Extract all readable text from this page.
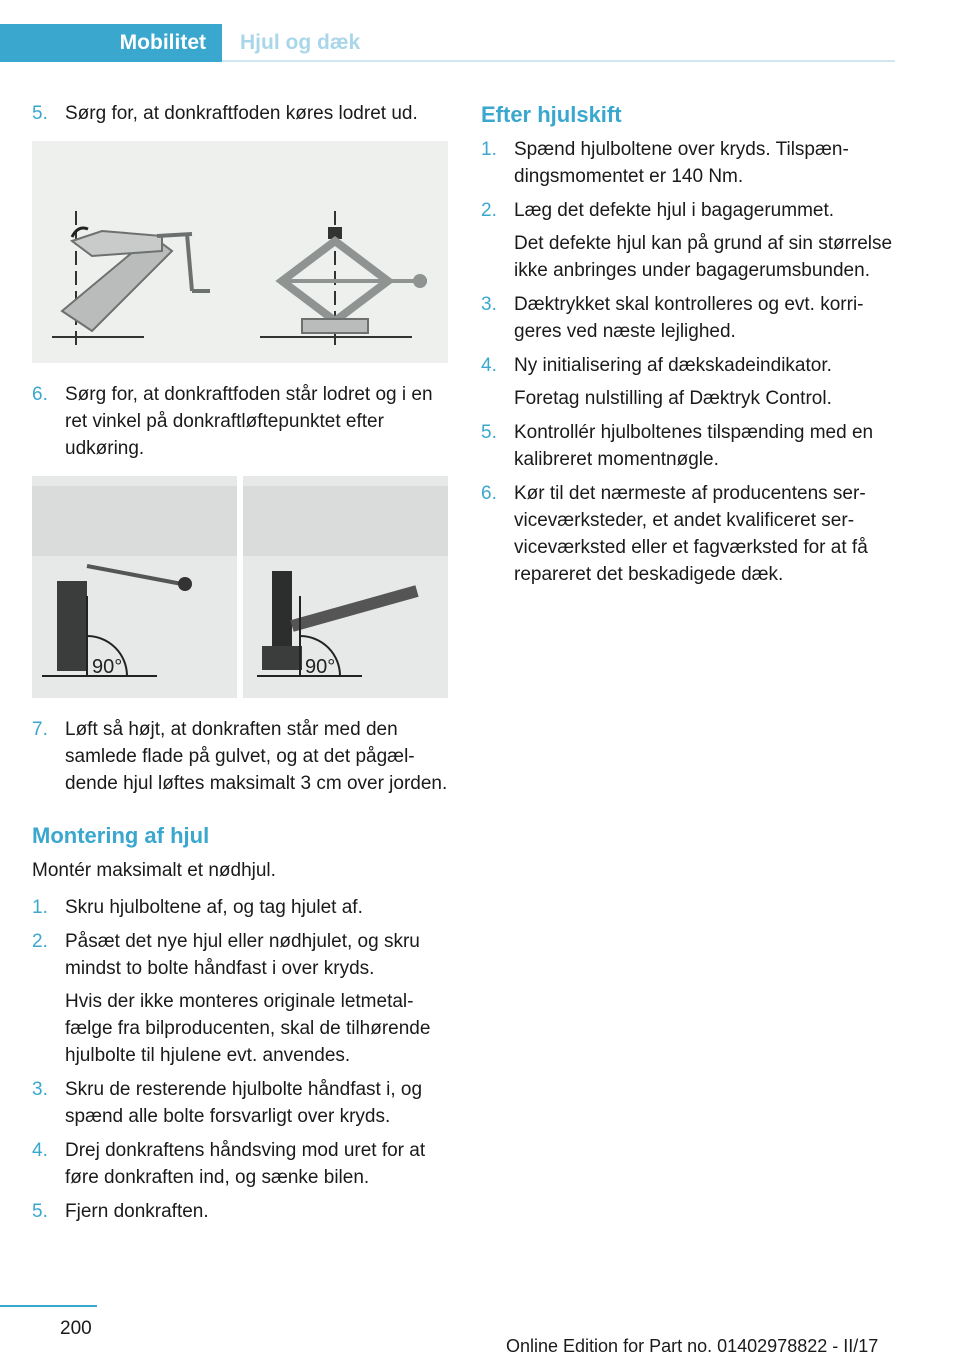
Mobilitet	Hjul og dæk
5. Sørg for, at donkraftfoden køres lodret ud.
6. Sørg for, at donkraftfoden står lodret og i en ret vinkel på donkraftløftepunktet efter udkøring.
90°	90°
7. Løft så højt, at donkraften står med den samlede flade på gulvet, og at det pågældende hjul løftes maksimalt 3 cm over jorden.
Montering af hjul
Montér maksimalt et nødhjul.
1. Skru hjulboltene af, og tag hjulet af.
2. Påsæt det nye hjul eller nødhjulet, og skru mindst to bolte håndfast i over kryds.
Hvis der ikke monteres originale letmetalfælge fra bilproducenten, skal de tilhørende hjulbolte til hjulene evt. anvendes.
3. Skru de resterende hjulbolte håndfast i, og spænd alle bolte forsvarligt over kryds.
4. Drej donkraftens håndsving mod uret for at føre donkraften ind, og sænke bilen.
5. Fjern donkraften.
Efter hjulskift
1. Spænd hjulboltene over kryds. Tilspændingsmomentet er 140 Nm.
2. Læg det defekte hjul i bagagerummet.
Det defekte hjul kan på grund af sin størrelse ikke anbringes under bagagerumsbunden.
3. Dæktrykket skal kontrolleres og evt. korrigeres ved næste lejlighed.
4. Ny initialisering af dækskadeindikator.
Foretag nulstilling af Dæktryk Control.
5. Kontrollér hjulboltenes tilspænding med en kalibreret momentnøgle.
6. Kør til det nærmeste af producentens serviceværksteder, et andet kvalificeret serviceværksted eller et fagværksted for at få repareret det beskadigede dæk.
200
Online Edition for Part no. 01402978822 - II/17
